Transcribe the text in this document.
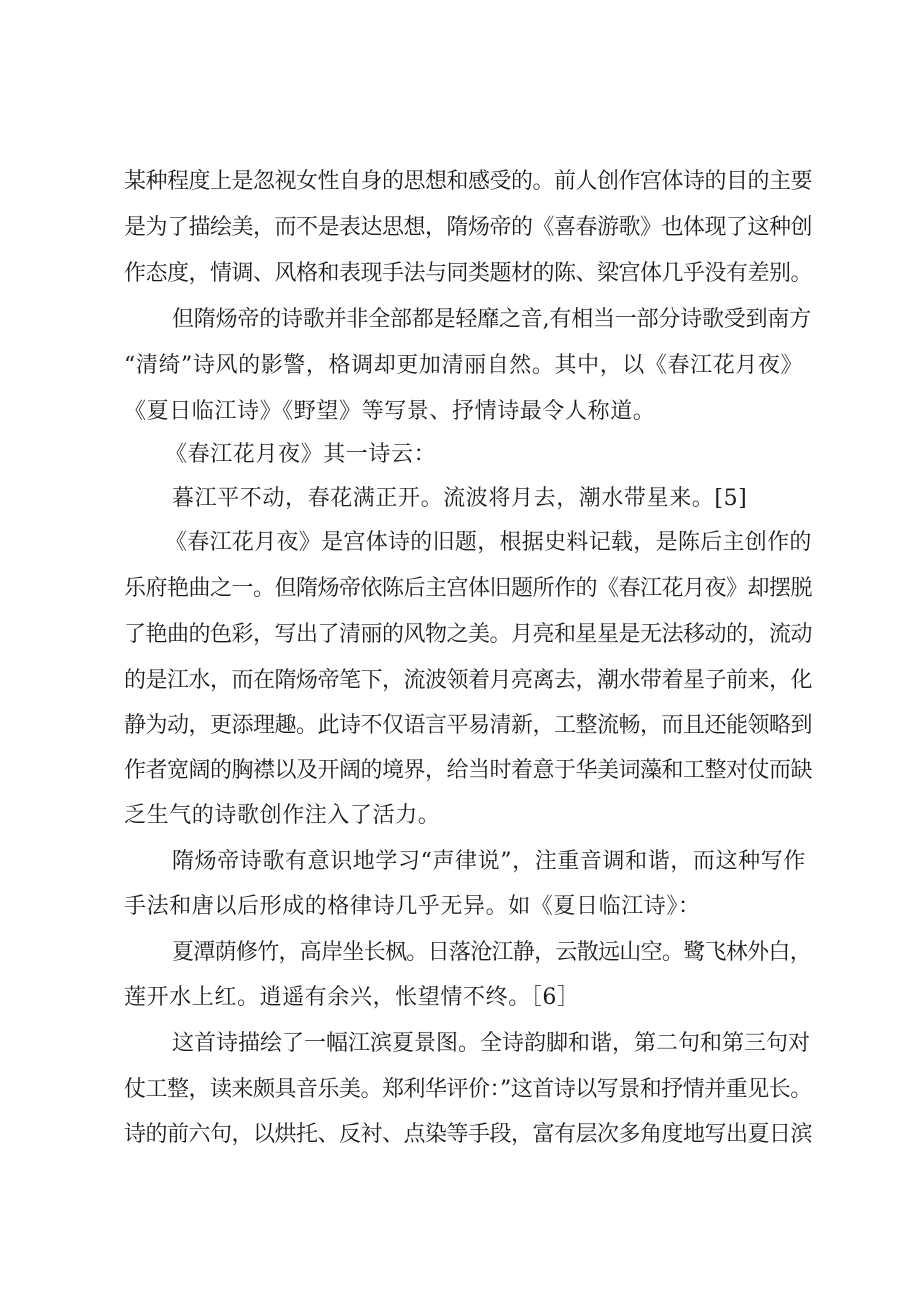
某种程度上是忽视女性自身的思想和感受的。前人创作宫体诗的目的主要
是为了描绘美，而不是表达思想，隋炀帝的《喜春游歌》也体现了这种创
作态度，情调、风格和表现手法与同类题材的陈、梁宫体几乎没有差别。
但隋炀帝的诗歌并非全部都是轻靡之音,有相当一部分诗歌受到南方
“清绮”诗风的影警，格调却更加清丽自然。其中，以《春江花月夜》
《夏日临江诗》《野望》等写景、抒情诗最令人称道。
《春江花月夜》其一诗云：
暮江平不动，春花满正开。流波将月去，潮水带星来。[5]
《春江花月夜》是宫体诗的旧题，根据史料记载，是陈后主创作的
乐府艳曲之一。但隋炀帝依陈后主宫体旧题所作的《春江花月夜》却摆脱
了艳曲的色彩，写出了清丽的风物之美。月亮和星星是无法移动的，流动
的是江水，而在隋炀帝笔下，流波领着月亮离去，潮水带着星子前来，化
静为动，更添理趣。此诗不仅语言平易清新，工整流畅，而且还能领略到
作者宽阔的胸襟以及开阔的境界，给当时着意于华美词藻和工整对仗而缺
乏生气的诗歌创作注入了活力。
隋炀帝诗歌有意识地学习“声律说”，注重音调和谐，而这种写作
手法和唐以后形成的格律诗几乎无异。如《夏日临江诗》：
夏潭荫修竹，高岸坐长枫。日落沧江静，云散远山空。鹭飞林外白，
莲开水上红。逍遥有余兴，怅望情不终。［6］
这首诗描绘了一幅江滨夏景图。全诗韵脚和谐，第二句和第三句对
仗工整，读来颇具音乐美。郑利华评价：”这首诗以写景和抒情并重见长。
诗的前六句，以烘托、反衬、点染等手段，富有层次多角度地写出夏日滨
